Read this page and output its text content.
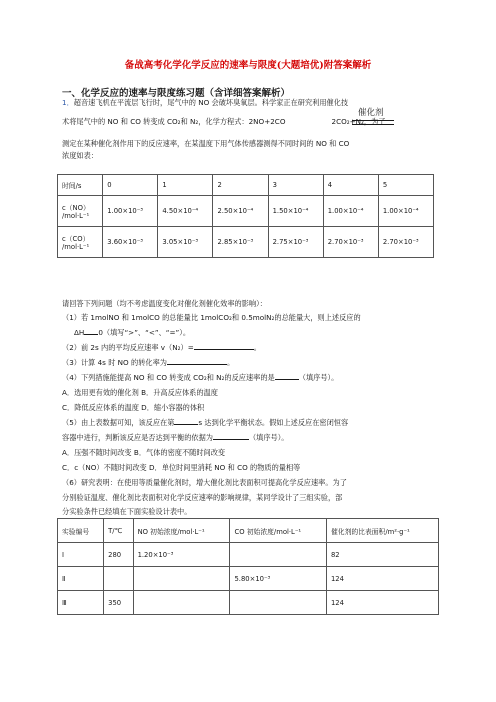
备战高考化学化学反应的速率与限度(大题培优)附答案解析
一、化学反应的速率与限度练习题（含详细答案解析）
1．超音速飞机在平流层飞行时，尾气中的 NO 会破坏臭氧层。科学家正在研究利用催化技
催化剂
术将尾气中的 NO 和 CO 转变成 CO₂和 N₂，化学方程式：2NO+2CO	2CO₂+N₂，为了
测定在某种催化剂作用下的反应速率，在某温度下用气体传感器测得不同时间的 NO 和 CO
浓度如表：
时间/s	0	1	2	3	4	5

c（NO）
/mol·L⁻¹	1.00×10⁻³	4.50×10⁻⁴	2.50×10⁻⁴	1.50×10⁻⁴	1.00×10⁻⁴	1.00×10⁻⁴

c（CO）
/mol·L⁻¹	3.60×10⁻³	3.05×10⁻³	2.85×10⁻³	2.75×10⁻³	2.70×10⁻³	2.70×10⁻³
请回答下列问题（均不考虑温度变化对催化剂催化效率的影响）：
（1）若 1molNO 和 1molCO 的总能量比 1molCO₂和 0.5molN₂的总能量大，则上述反应的
ΔH 0（填写“>”、“<”、“=”）。
（2）前 2s 内的平均反应速率 v（N₂）=	。
（3）计算 4s 时 NO 的转化率为	。
（4）下列措施能提高 NO 和 CO 转变成 CO₂和 N₂的反应速率的是	（填序号）。
A．选用更有效的催化剂 B．升高反应体系的温度
C．降低反应体系的温度 D．缩小容器的体积
（5）由上表数据可知，该反应在第	s 达到化学平衡状态。假如上述反应在密闭恒容
容器中进行，判断该反应是否达到平衡的依据为	（填序号）。
A．压强不随时间改变 B．气体的密度不随时间改变
C．c（NO）不随时间改变 D．单位时间里消耗 NO 和 CO 的物质的量相等
（6）研究表明：在使用等质量催化剂时，增大催化剂比表面积可提高化学反应速率。为了
分别验证温度、催化剂比表面积对化学反应速率的影响规律，某同学设计了三组实验，部
分实验条件已经填在下面实验设计表中。
实验编号	T/℃	NO 初始浓度/mol·L⁻¹	CO 初始浓度/mol·L⁻¹	催化剂的比表面积/m²·g⁻¹
Ⅰ	280	1.20×10⁻³		82
Ⅱ			5.80×10⁻³	124
Ⅲ	350			124
